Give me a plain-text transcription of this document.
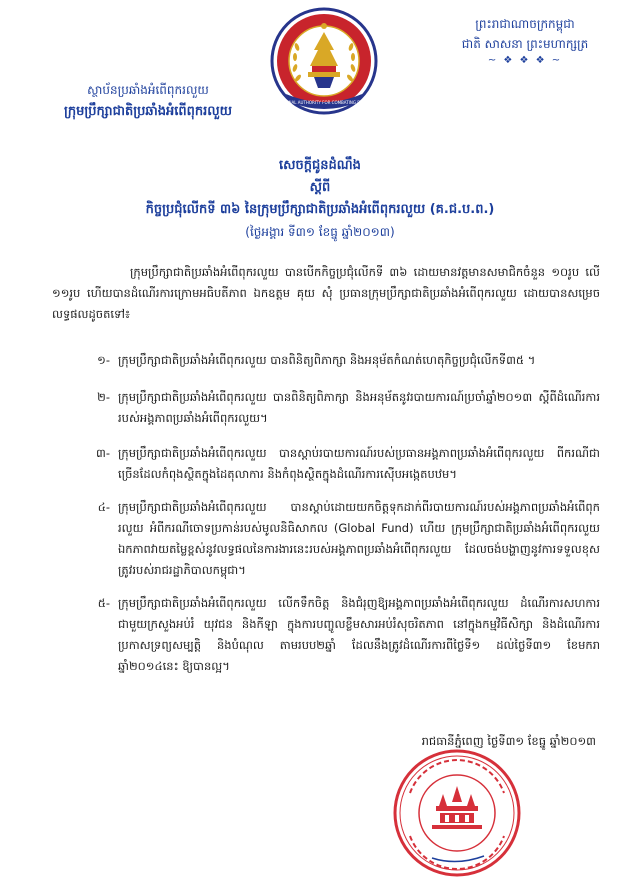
ព្រះរាជាណាចក្រកម្ពុជា
ជាតិ សាសនា ព្រះមហាក្សត្រ
~ ❖ ❖ ❖ ~
NATIONAL AUTHORITY FOR COMBATING DRUGS
ស្ថាប័នប្រឆាំងអំពើពុករលួយ
ក្រុមប្រឹក្សាជាតិប្រឆាំងអំពើពុករលួយ
សេចក្ដីជូនដំណឹង
ស្ដីពី
កិច្ចប្រជុំលើកទី ៣៦ នៃក្រុមប្រឹក្សាជាតិប្រឆាំងអំពើពុករលួយ (គ.ជ.ប.ព.)
(ថ្ងៃអង្គារ ទី៣១ ខែធ្នូ ឆ្នាំ២០១៣)
ក្រុមប្រឹក្សាជាតិប្រឆាំងអំពើពុករលួយ បានបើកកិច្ចប្រជុំលើកទី ៣៦ ដោយមានវត្តមានសមាជិកចំនួន ១០រូប លើ ១១រូប ហើយបានដំណើរការក្រោមអធិបតីភាព ឯកឧត្ដម គុយ សុំ ប្រធានក្រុមប្រឹក្សាជាតិប្រឆាំងអំពើពុករលួយ ដោយបានសម្រេចលទ្ធផលដូចតទៅ៖
១- ក្រុមប្រឹក្សាជាតិប្រឆាំងអំពើពុករលួយ បានពិនិត្យពិភាក្សា និងអនុម័តកំណត់ហេតុកិច្ចប្រជុំលើកទី៣៥ ។
២- ក្រុមប្រឹក្សាជាតិប្រឆាំងអំពើពុករលួយ បានពិនិត្យពិភាក្សា និងអនុម័តនូវរបាយការណ៍ប្រចាំឆ្នាំ២០១៣ ស្ដីពីដំណើរការរបស់អង្គភាពប្រឆាំងអំពើពុករលួយ។
៣- ក្រុមប្រឹក្សាជាតិប្រឆាំងអំពើពុករលួយ បានស្ដាប់របាយការណ៍របស់ប្រធានអង្គភាពប្រឆាំងអំពើពុករលួយ ពីករណីជាច្រើនដែលកំពុងស្ថិតក្នុងដៃតុលាការ និងកំពុងស្ថិតក្នុងដំណើរការស៊ើបអង្កេតបឋម។
៤- ក្រុមប្រឹក្សាជាតិប្រឆាំងអំពើពុករលួយ បានស្ដាប់ដោយយកចិត្តទុកដាក់ពីរបាយការណ៍របស់អង្គភាពប្រឆាំងអំពើពុករលួយ អំពីករណីចោទប្រកាន់របស់មូលនិធិសាកល (Global Fund) ហើយ ក្រុមប្រឹក្សាជាតិប្រឆាំងអំពើពុករលួយឯកភាពវាយតម្លៃខ្ពស់នូវលទ្ធផលនៃការងារនេះរបស់អង្គភាពប្រឆាំងអំពើពុករលួយ ដែលចង់បង្ហាញនូវការទទួលខុសត្រូវរបស់រាជរដ្ឋាភិបាលកម្ពុជា។
៥- ក្រុមប្រឹក្សាជាតិប្រឆាំងអំពើពុករលួយ លើកទឹកចិត្ត និងជំរុញឱ្យអង្គភាពប្រឆាំងអំពើពុករលួយ ដំណើរការសហការជាមួយក្រសួងអប់រំ យុវជន និងកីឡា ក្នុងការបញ្ចូលខ្លឹមសារអប់រំសុចរិតភាព នៅក្នុងកម្មវិធីសិក្សា និងដំណើរការប្រកាសទ្រព្យសម្បត្តិ និងបំណុល តាមរបប២ឆ្នាំ ដែលនឹងត្រូវដំណើរការពីថ្ងៃទី១ ដល់ថ្ងៃទី៣១ ខែមករា ឆ្នាំ២០១៤នេះ ឱ្យបានល្អ។
រាជធានីភ្នំពេញ ថ្ងៃទី៣១ ខែធ្នូ ឆ្នាំ២០១៣
